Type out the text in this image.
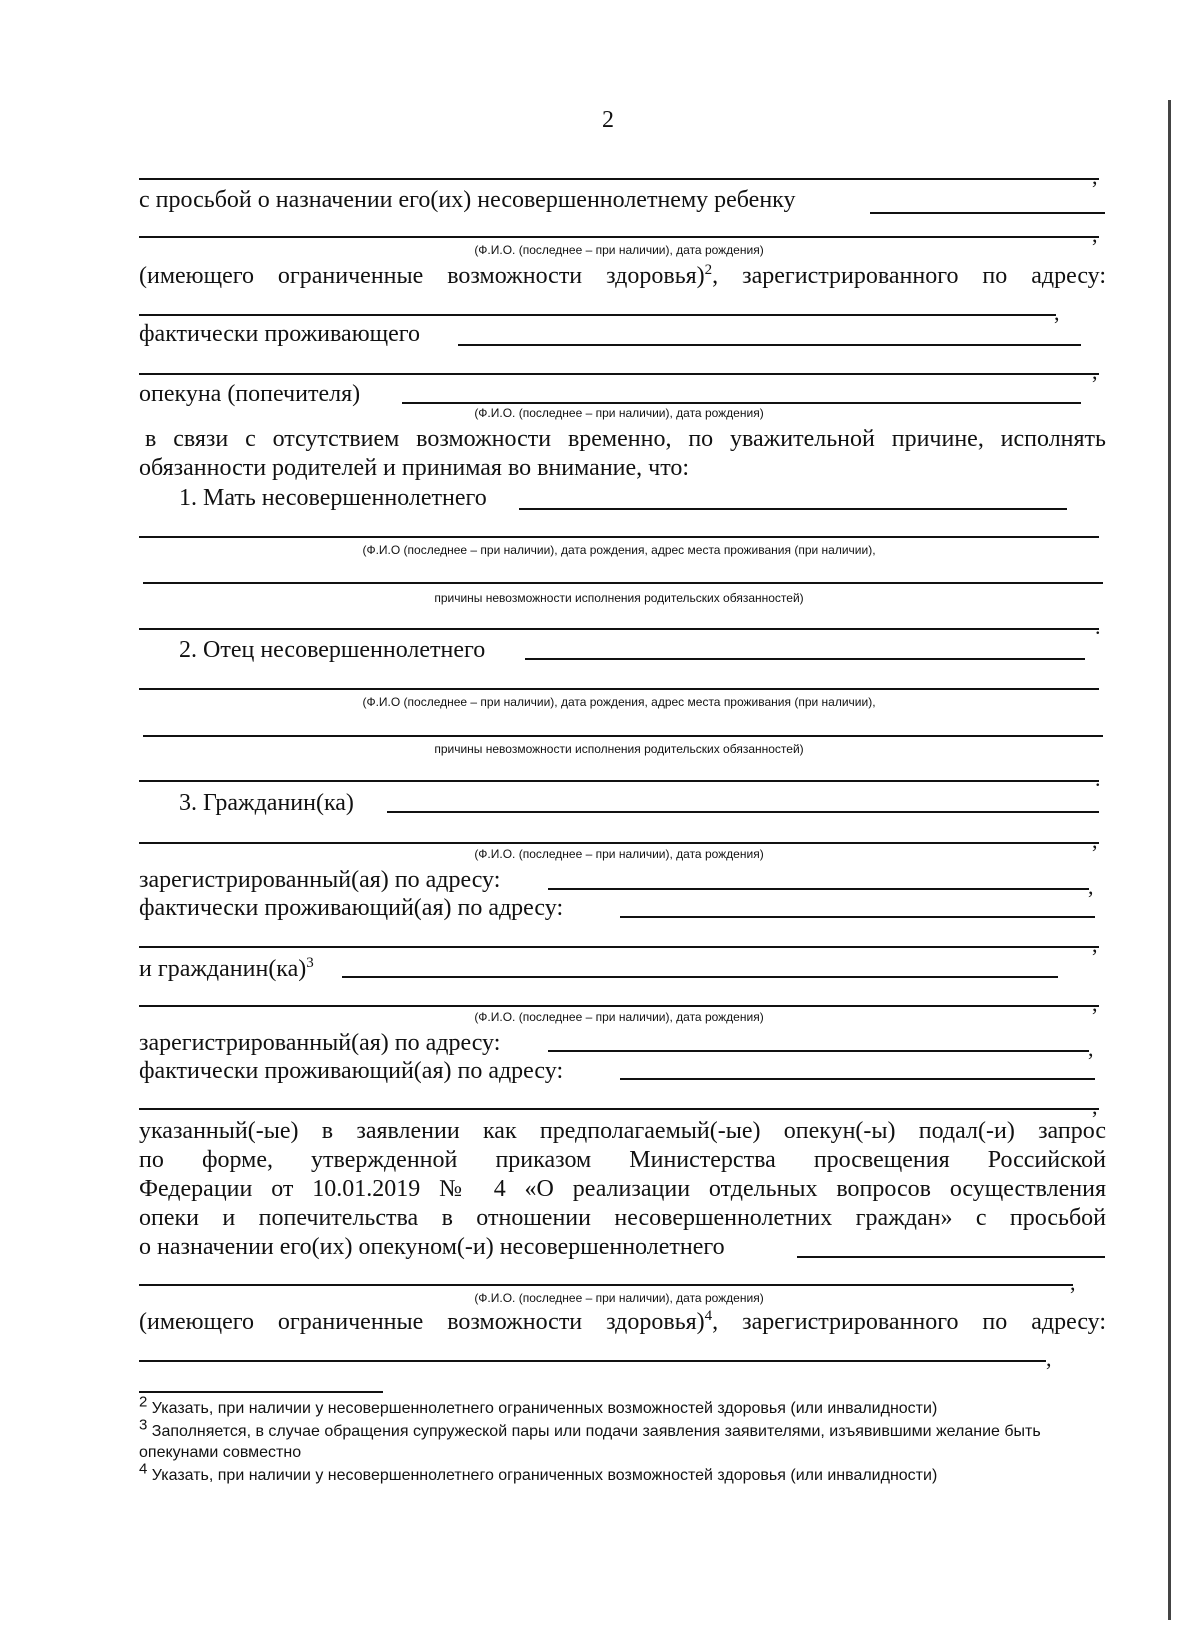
2
,
с просьбой о назначении его(их) несовершеннолетнему ребенку
,
(Ф.И.О. (последнее – при наличии), дата рождения)
(имеющего ограниченные возможности здоровья)$^2$, зарегистрированного по адресу:
,
фактически проживающего
,
опекуна (попечителя)
(Ф.И.О. (последнее – при наличии), дата рождения)
в связи с отсутствием возможности временно, по уважительной причине, исполнять
обязанности родителей и принимая во внимание, что:
1. Мать несовершеннолетнего
(Ф.И.О (последнее – при наличии), дата рождения, адрес места проживания (при наличии),
причины невозможности исполнения родительских обязанностей)
.
2. Отец несовершеннолетнего
(Ф.И.О (последнее – при наличии), дата рождения, адрес места проживания (при наличии),
причины невозможности исполнения родительских обязанностей)
.
3. Гражданин(ка)
,
(Ф.И.О. (последнее – при наличии), дата рождения)
зарегистрированный(ая) по адресу:	,
фактически проживающий(ая) по адресу:
,
и гражданин(ка)$^3$
,
(Ф.И.О. (последнее – при наличии), дата рождения)
зарегистрированный(ая) по адресу:	,
фактически проживающий(ая) по адресу:
,
указанный(-ые) в заявлении как предполагаемый(-ые) опекун(-ы) подал(-и) запрос
по форме, утвержденной приказом Министерства просвещения Российской
Федерации от 10.01.2019 № 4 «О реализации отдельных вопросов осуществления
опеки и попечительства в отношении несовершеннолетних граждан» с просьбой
о назначении его(их) опекуном(-и) несовершеннолетнего
,
(Ф.И.О. (последнее – при наличии), дата рождения)
(имеющего ограниченные возможности здоровья)$^4$, зарегистрированного по адресу:
,
$^2$ Указать, при наличии у несовершеннолетнего ограниченных возможностей здоровья (или инвалидности)
$^3$ Заполняется, в случае обращения супружеской пары или подачи заявления заявителями, изъявившими желание быть
опекунами совместно
$^4$ Указать, при наличии у несовершеннолетнего ограниченных возможностей здоровья (или инвалидности)
